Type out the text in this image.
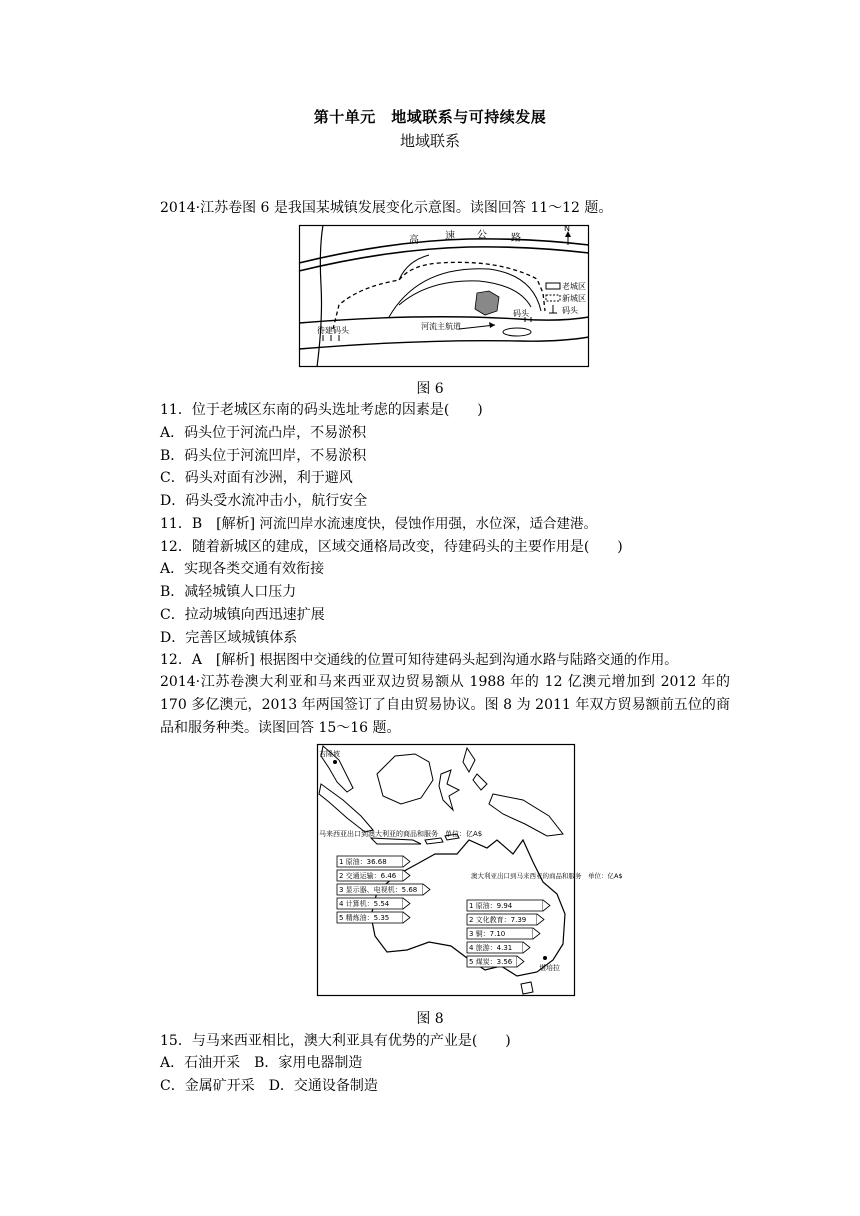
第十单元　地域联系与可持续发展
地域联系
2014·江苏卷图 6 是我国某城镇发展变化示意图。读图回答 11～12 题。
N
高	速 公 路
老城区
新城区
码头
码头
待建码头	河流主航道
图 6
11．位于老城区东南的码头选址考虑的因素是(　　)
A．码头位于河流凸岸，不易淤积
B．码头位于河流凹岸，不易淤积
C．码头对面有沙洲，利于避风
D．码头受水流冲击小，航行安全
11．B　[解析] 河流凹岸水流速度快，侵蚀作用强，水位深，适合建港。
12．随着新城区的建成，区域交通格局改变，待建码头的主要作用是(　　)
A．实现各类交通有效衔接
B．减轻城镇人口压力
C．拉动城镇向西迅速扩展
D．完善区域城镇体系
12．A　[解析] 根据图中交通线的位置可知待建码头起到沟通水路与陆路交通的作用。
2014·江苏卷澳大利亚和马来西亚双边贸易额从 1988 年的 12 亿澳元增加到 2012 年的 170 多亿澳元，2013 年两国签订了自由贸易协议。图 8 为 2011 年双方贸易额前五位的商品和服务种类。读图回答 15～16 题。
吉隆坡
堪培拉
马来西亚出口到澳大利亚的商品和服务　单位：亿A$
1 原油：36.68
2 交通运输：6.46
3 显示器、电视机：5.68
4 计算机：5.54
5 精炼油：5.35
澳大利亚出口到马来西亚的商品和服务　单位：亿A$
1 原油：9.94
2 文化教育：7.39
3 铜：7.10
4 旅游：4.31
5 煤炭：3.56
图 8
15．与马来西亚相比，澳大利亚具有优势的产业是(　　)
A．石油开采　B．家用电器制造
C．金属矿开采　D．交通设备制造
